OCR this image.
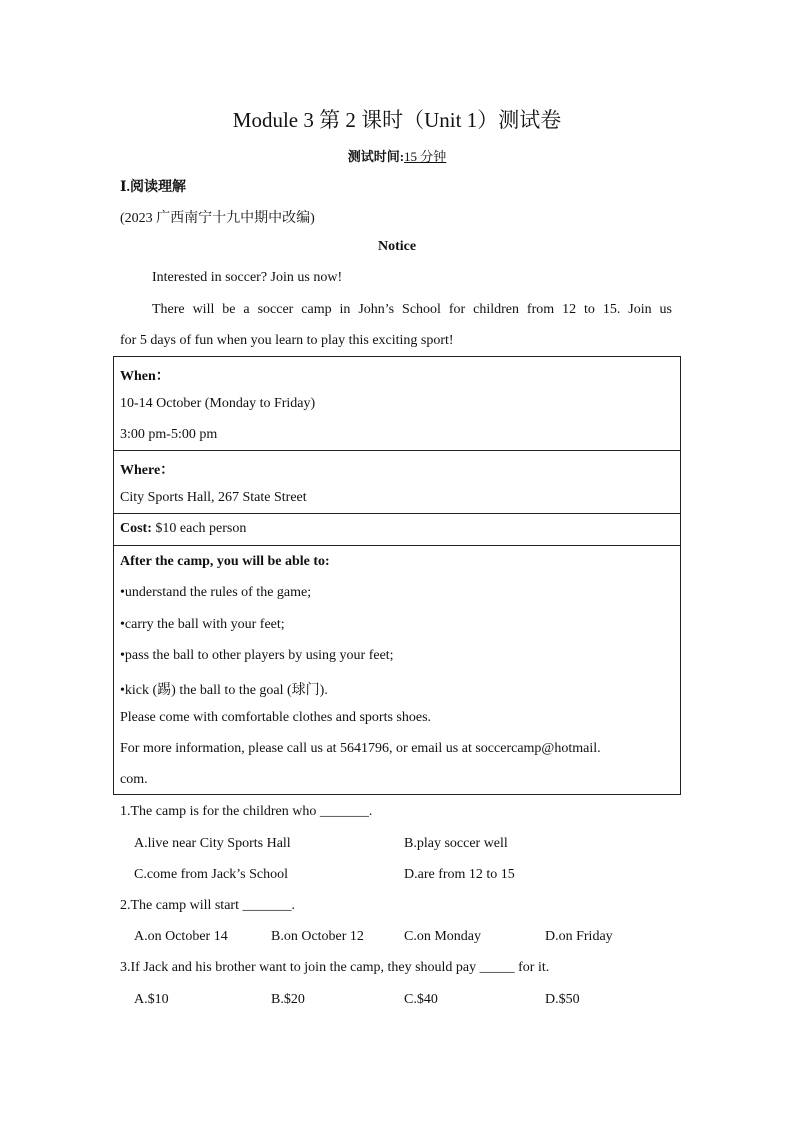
Module 3 第 2 课时（Unit 1）测试卷
测试时间:15 分钟
Ⅰ.阅读理解
(2023 广西南宁十九中期中改编)
Notice
Interested in soccer? Join us now!
There will be a soccer camp in John’s School for children from 12 to 15. Join us
for 5 days of fun when you learn to play this exciting sport!
When：
10-14 October (Monday to Friday)
3:00 pm-5:00 pm
Where：
City Sports Hall, 267 State Street
Cost: $10 each person
After the camp, you will be able to:
•understand the rules of the game;
•carry the ball with your feet;
•pass the ball to other players by using your feet;
•kick (踢) the ball to the goal (球门).
Please come with comfortable clothes and sports shoes.
For more information, please call us at 5641796, or email us at soccercamp@hotmail.
com.
1.The camp is for the children who _______.
A.live near City Sports Hall	B.play soccer well
C.come from Jack’s School	D.are from 12 to 15
2.The camp will start _______.
A.on October 14	B.on October 12	C.on Monday	D.on Friday
3.If Jack and his brother want to join the camp, they should pay _____ for it.
A.$10	B.$20	C.$40	D.$50
